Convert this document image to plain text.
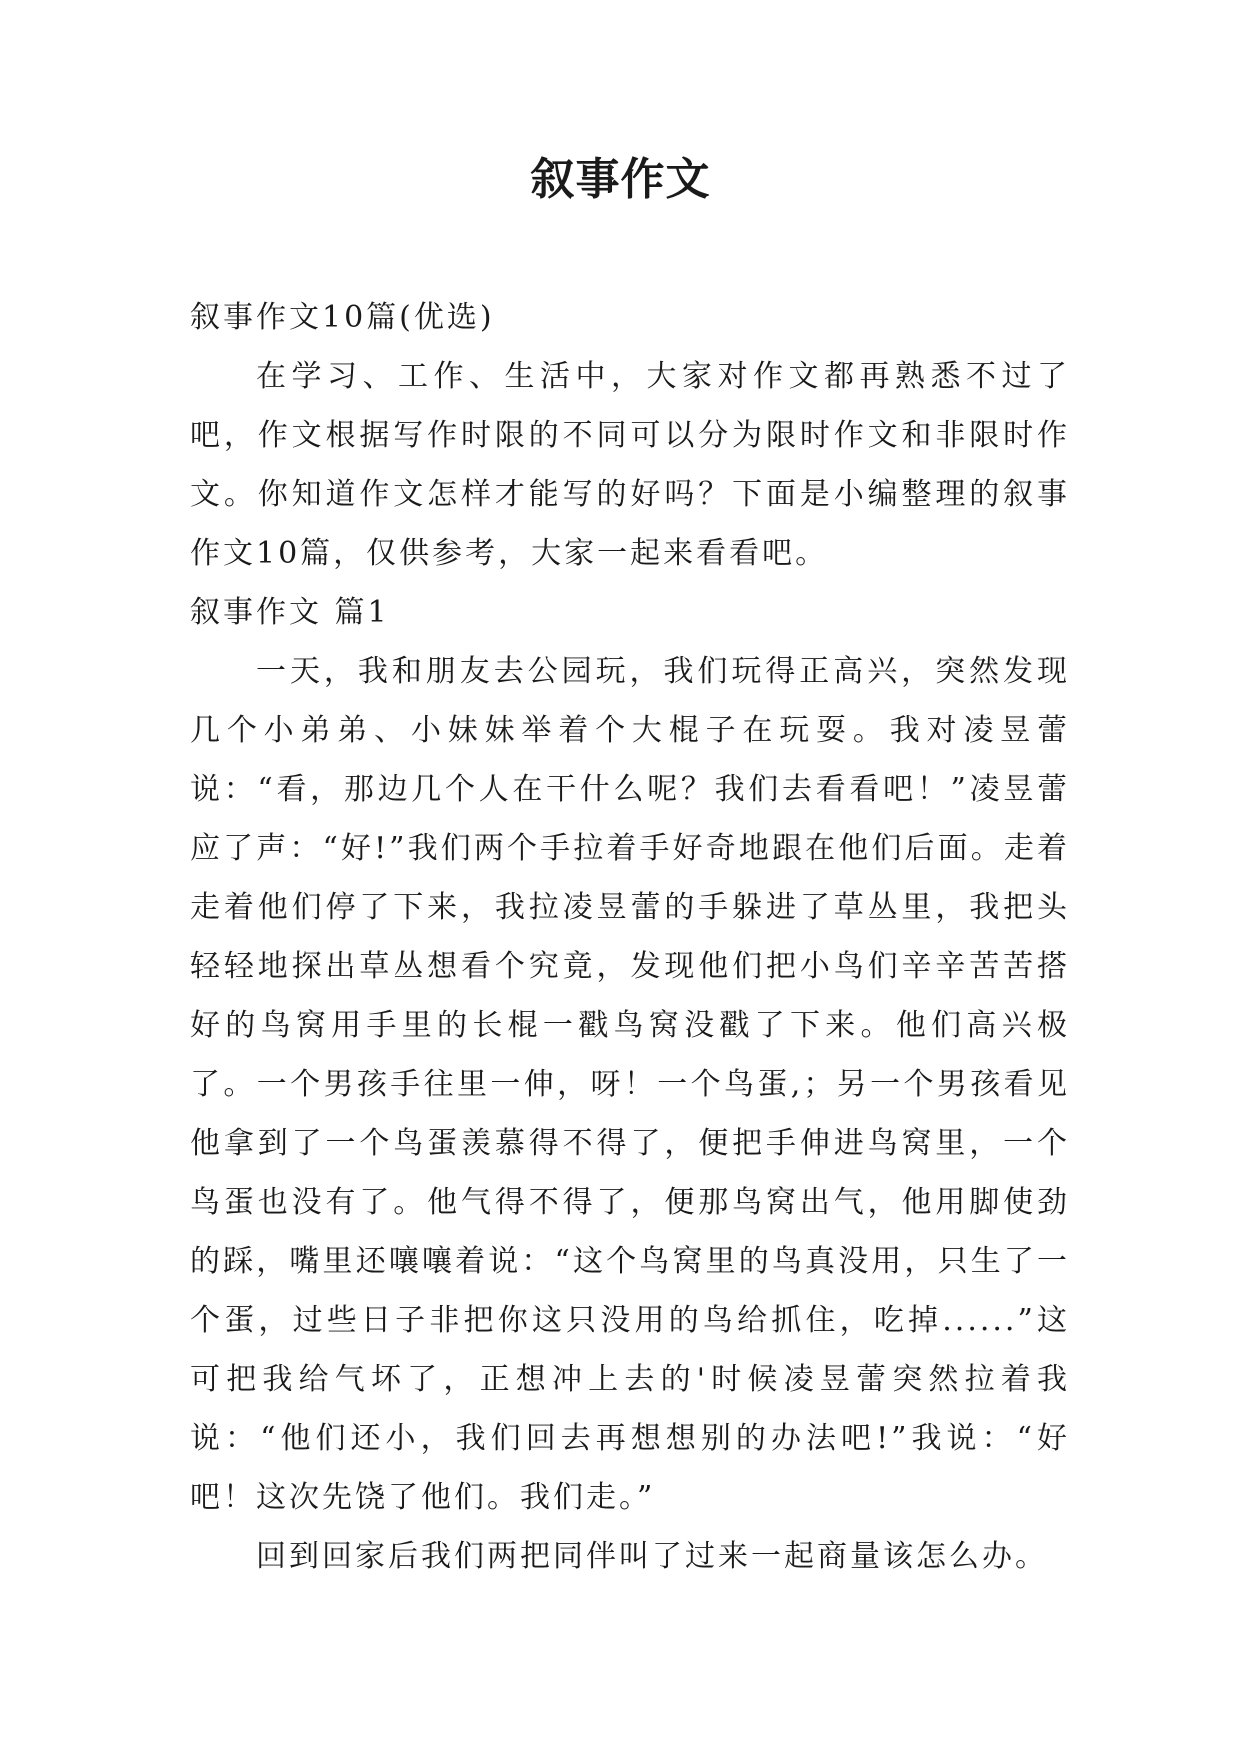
叙事作文

叙事作文10篇(优选)

在学习、工作、生活中，大家对作文都再熟悉不过了吧，作文根据写作时限的不同可以分为限时作文和非限时作文。你知道作文怎样才能写的好吗？下面是小编整理的叙事作文10篇，仅供参考，大家一起来看看吧。

叙事作文 篇1

一天，我和朋友去公园玩，我们玩得正高兴，突然发现几个小弟弟、小妹妹举着个大棍子在玩耍。我对凌昱蕾说：“看，那边几个人在干什么呢？我们去看看吧！”凌昱蕾应了声：“好!”我们两个手拉着手好奇地跟在他们后面。走着走着他们停了下来，我拉凌昱蕾的手躲进了草丛里，我把头轻轻地探出草丛想看个究竟，发现他们把小鸟们辛辛苦苦搭好的鸟窝用手里的长棍一戳鸟窝没戳了下来。他们高兴极了。一个男孩手往里一伸，呀！一个鸟蛋,；另一个男孩看见他拿到了一个鸟蛋羡慕得不得了，便把手伸进鸟窝里，一个鸟蛋也没有了。他气得不得了，便那鸟窝出气，他用脚使劲的踩，嘴里还嚷嚷着说：“这个鸟窝里的鸟真没用，只生了一个蛋，过些日子非把你这只没用的鸟给抓住，吃掉......”这可把我给气坏了，正想冲上去的'时候凌昱蕾突然拉着我说：“他们还小，我们回去再想想别的办法吧!”我说：“好吧！这次先饶了他们。我们走。”

回到回家后我们两把同伴叫了过来一起商量该怎么办。
